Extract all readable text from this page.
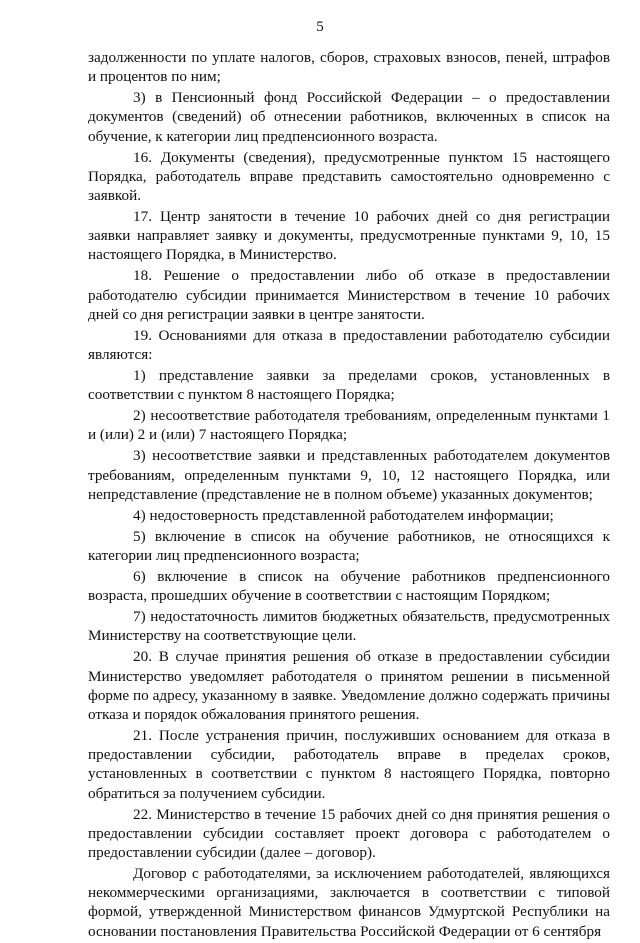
5

задолженности по уплате налогов, сборов, страховых взносов, пеней, штрафов и процентов по ним;

3) в Пенсионный фонд Российской Федерации – о предоставлении документов (сведений) об отнесении работников, включенных в список на обучение, к категории лиц предпенсионного возраста.

16. Документы (сведения), предусмотренные пунктом 15 настоящего Порядка, работодатель вправе представить самостоятельно одновременно с заявкой.

17. Центр занятости в течение 10 рабочих дней со дня регистрации заявки направляет заявку и документы, предусмотренные пунктами 9, 10, 15 настоящего Порядка, в Министерство.

18. Решение о предоставлении либо об отказе в предоставлении работодателю субсидии принимается Министерством в течение 10 рабочих дней со дня регистрации заявки в центре занятости.

19. Основаниями для отказа в предоставлении работодателю субсидии являются:

1) представление заявки за пределами сроков, установленных в соответствии с пунктом 8 настоящего Порядка;

2) несоответствие работодателя требованиям, определенным пунктами 1 и (или) 2 и (или) 7 настоящего Порядка;

3) несоответствие заявки и представленных работодателем документов требованиям, определенным пунктами 9, 10, 12 настоящего Порядка, или непредставление (представление не в полном объеме) указанных документов;

4) недостоверность представленной работодателем информации;

5) включение в список на обучение работников, не относящихся к категории лиц предпенсионного возраста;

6) включение в список на обучение работников предпенсионного возраста, прошедших обучение в соответствии с настоящим Порядком;

7) недостаточность лимитов бюджетных обязательств, предусмотренных Министерству на соответствующие цели.

20. В случае принятия решения об отказе в предоставлении субсидии Министерство уведомляет работодателя о принятом решении в письменной форме по адресу, указанному в заявке. Уведомление должно содержать причины отказа и порядок обжалования принятого решения.

21. После устранения причин, послуживших основанием для отказа в предоставлении субсидии, работодатель вправе в пределах сроков, установленных в соответствии с пунктом 8 настоящего Порядка, повторно обратиться за получением субсидии.

22. Министерство в течение 15 рабочих дней со дня принятия решения о предоставлении субсидии составляет проект договора с работодателем о предоставлении субсидии (далее – договор).

Договор с работодателями, за исключением работодателей, являющихся некоммерческими организациями, заключается в соответствии с типовой формой, утвержденной Министерством финансов Удмуртской Республики на основании постановления Правительства Российской Федерации от 6 сентября
